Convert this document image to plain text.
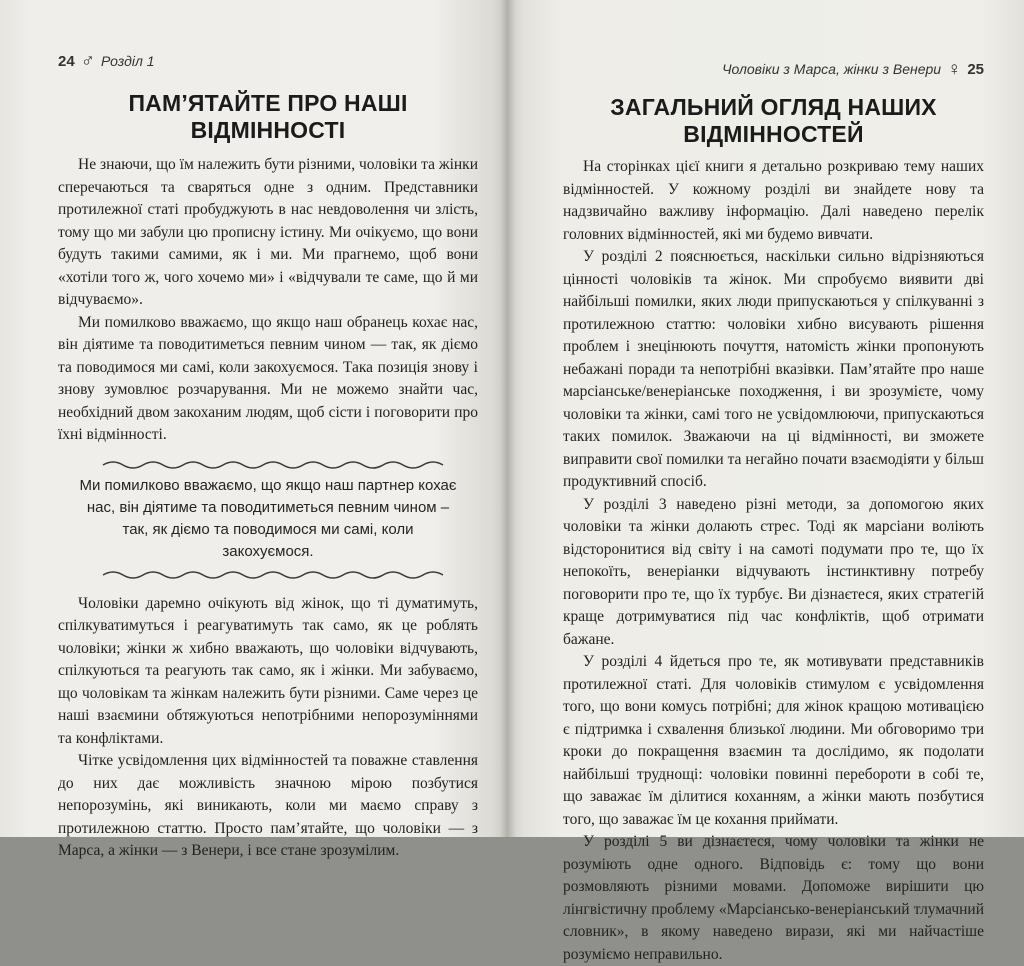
24 ♂ Розділ 1
ПАМ’ЯТАЙТЕ ПРО НАШІ ВІДМІННОСТІ

Не знаючи, що їм належить бути різними, чоловіки та жінки сперечаються та сваряться одне з одним. Представники протилежної статі пробуджують в нас невдоволення чи злість, тому що ми забули цю прописну істину. Ми очікуємо, що вони будуть такими самими, як і ми. Ми прагнемо, щоб вони «хотіли того ж, чого хочемо ми» і «відчували те саме, що й ми відчуваємо».

Ми помилково вважаємо, що якщо наш обранець кохає нас, він діятиме та поводитиметься певним чином — так, як діємо та поводимося ми самі, коли закохуємося. Така позиція знову і знову зумовлює розчарування. Ми не можемо знайти час, необхідний двом закоханим людям, щоб сісти і поговорити про їхні відмінності.

Ми помилково вважаємо, що якщо наш партнер кохає нас, він діятиме та поводитиметься певним чином – так, як діємо та поводимося ми самі, коли закохуємося.

Чоловіки даремно очікують від жінок, що ті думатимуть, спілкуватимуться і реагуватимуть так само, як це роблять чоловіки; жінки ж хибно вважають, що чоловіки відчувають, спілкуються та реагують так само, як і жінки. Ми забуваємо, що чоловікам та жінкам належить бути різними. Саме через це наші взаємини обтяжуються непотрібними непорозуміннями та конфліктами.

Чітке усвідомлення цих відмінностей та поважне ставлення до них дає можливість значною мірою позбутися непорозумінь, які виникають, коли ми маємо справу з протилежною статтю. Просто пам’ятайте, що чоловіки — з Марса, а жінки — з Венери, і все стане зрозумілим.

Чоловіки з Марса, жінки з Венери ♀ 25
ЗАГАЛЬНИЙ ОГЛЯД НАШИХ ВІДМІННОСТЕЙ

На сторінках цієї книги я детально розкриваю тему наших відмінностей. У кожному розділі ви знайдете нову та надзвичайно важливу інформацію. Далі наведено перелік головних відмінностей, які ми будемо вивчати.

У розділі 2 пояснюється, наскільки сильно відрізняються цінності чоловіків та жінок. Ми спробуємо виявити дві найбільші помилки, яких люди припускаються у спілкуванні з протилежною статтю: чоловіки хибно висувають рішення проблем і знецінюють почуття, натомість жінки пропонують небажані поради та непотрібні вказівки. Пам’ятайте про наше марсіанське/венеріанське походження, і ви зрозумієте, чому чоловіки та жінки, самі того не усвідомлюючи, припускаються таких помилок. Зважаючи на ці відмінності, ви зможете виправити свої помилки та негайно почати взаємодіяти у більш продуктивний спосіб.

У розділі 3 наведено різні методи, за допомогою яких чоловіки та жінки долають стрес. Тоді як марсіани воліють відсторонитися від світу і на самоті подумати про те, що їх непокоїть, венеріанки відчувають інстинктивну потребу поговорити про те, що їх турбує. Ви дізнаєтеся, яких стратегій краще дотримуватися під час конфліктів, щоб отримати бажане.

У розділі 4 йдеться про те, як мотивувати представників протилежної статі. Для чоловіків стимулом є усвідомлення того, що вони комусь потрібні; для жінок кращою мотивацією є підтримка і схвалення близької людини. Ми обговоримо три кроки до покращення взаємин та дослідимо, як подолати найбільші труднощі: чоловіки повинні перебороти в собі те, що заважає їм ділитися коханням, а жінки мають позбутися того, що заважає їм це кохання приймати.

У розділі 5 ви дізнаєтеся, чому чоловіки та жінки не розуміють одне одного. Відповідь є: тому що вони розмовляють різними мовами. Допоможе вирішити цю лінгвістичну проблему «Марсіансько-венеріанський тлумачний словник», в якому наведено вирази, які ми найчастіше розуміємо неправильно.
